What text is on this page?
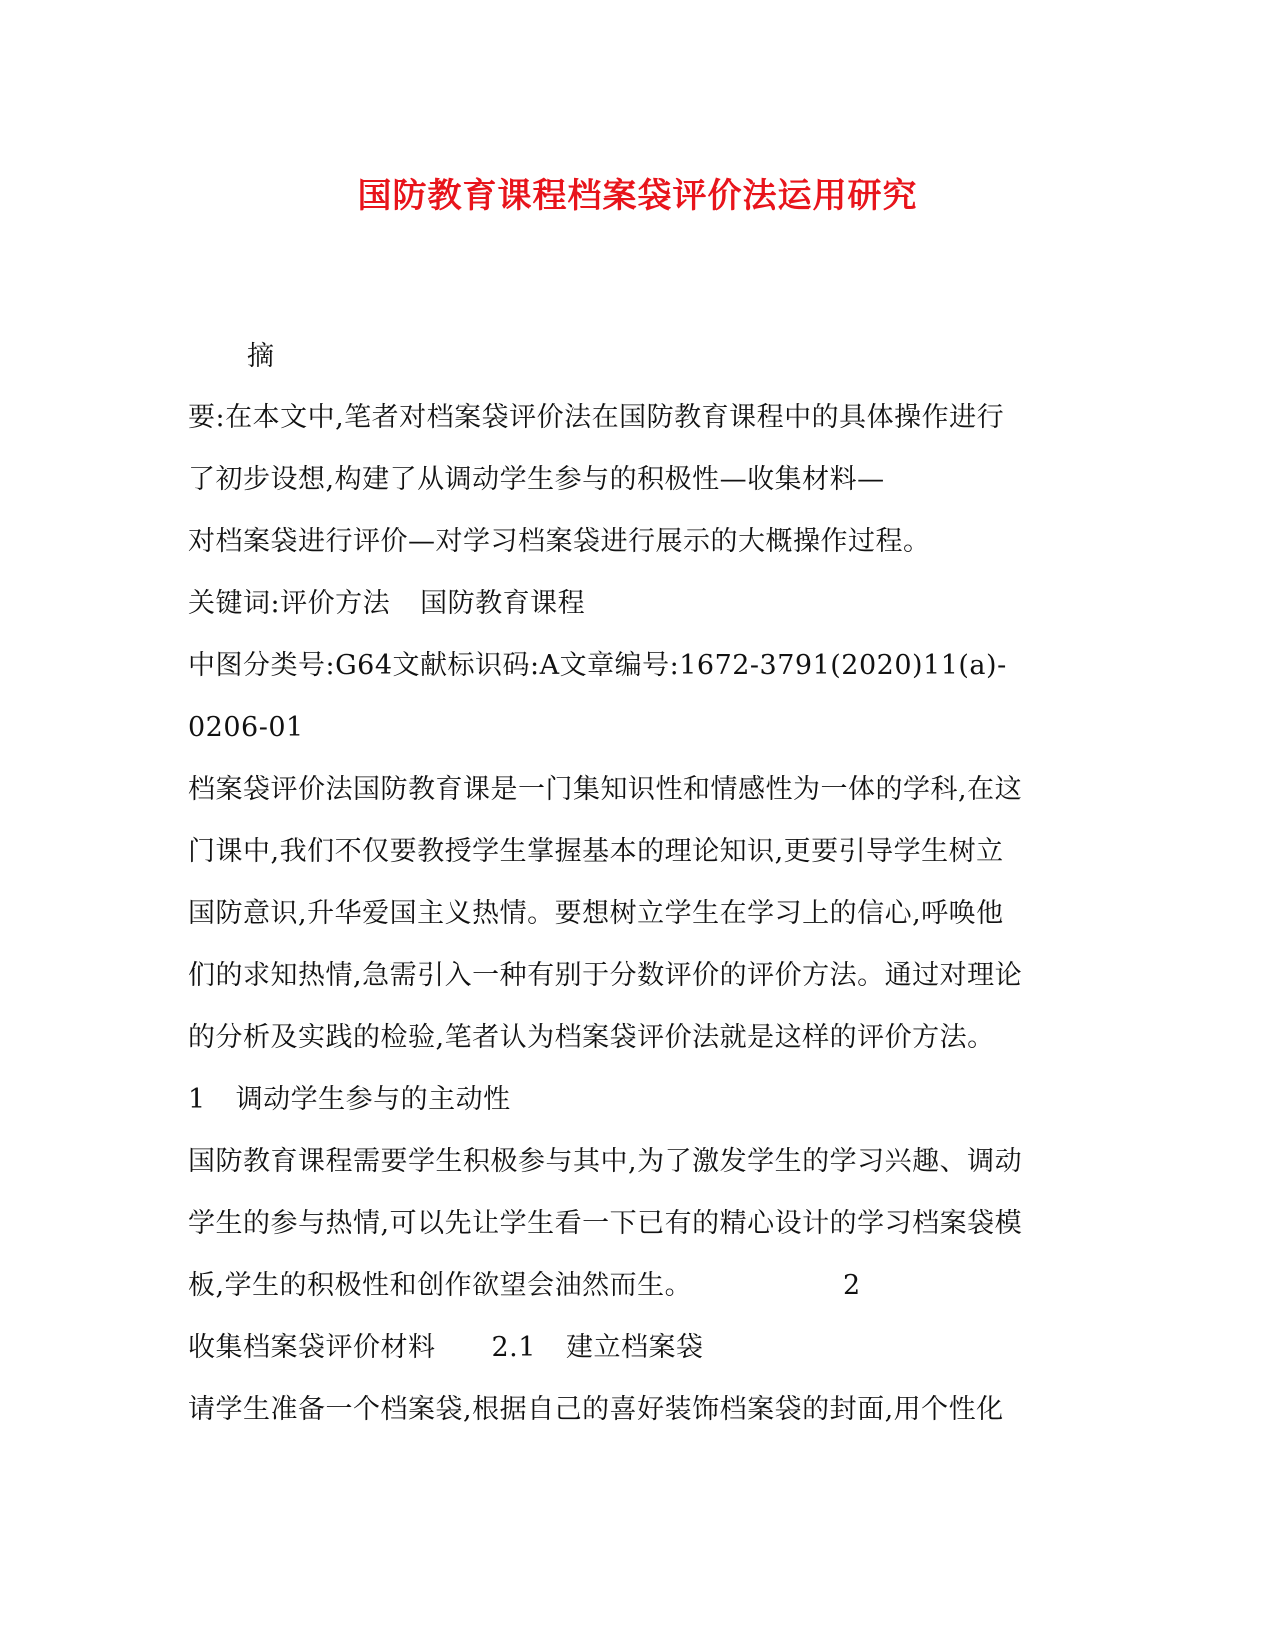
国防教育课程档案袋评价法运用研究
摘
要:在本文中,笔者对档案袋评价法在国防教育课程中的具体操作进行
了初步设想,构建了从调动学生参与的积极性—收集材料—
对档案袋进行评价—对学习档案袋进行展示的大概操作过程。
关键词:评价方法 国防教育课程
中图分类号:G64文献标识码:A文章编号:1672-3791(2020)11(a)-
0206-01
档案袋评价法国防教育课是一门集知识性和情感性为一体的学科,在这
门课中,我们不仅要教授学生掌握基本的理论知识,更要引导学生树立
国防意识,升华爱国主义热情。要想树立学生在学习上的信心,呼唤他
们的求知热情,急需引入一种有别于分数评价的评价方法。通过对理论
的分析及实践的检验,笔者认为档案袋评价法就是这样的评价方法。
1 调动学生参与的主动性
国防教育课程需要学生积极参与其中,为了激发学生的学习兴趣、调动
学生的参与热情,可以先让学生看一下已有的精心设计的学习档案袋模
板,学生的积极性和创作欲望会油然而生。	2
收集档案袋评价材料 2.1 建立档案袋
请学生准备一个档案袋,根据自己的喜好装饰档案袋的封面,用个性化
